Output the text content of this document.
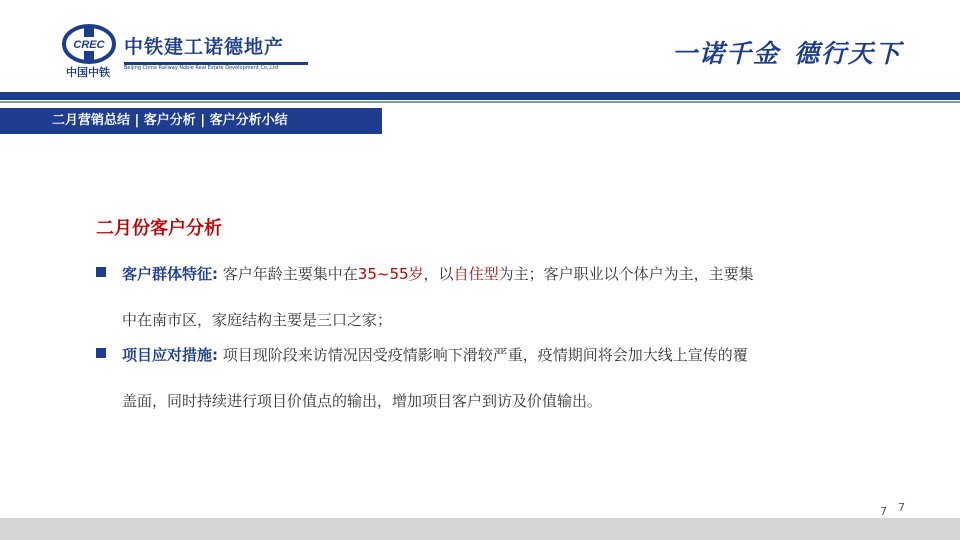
CREC
中国中铁
中铁建工诺德地产
Beijing China Railway Noble Real Estate Development Co.,Ltd	一诺千金 德行天下
二月营销总结 | 客户分析 | 客户分析小结
二月份客户分析
客户群体特征: 客户年龄主要集中在35~55岁，以自住型为主；客户职业以个体户为主，主要集
中在南市区，家庭结构主要是三口之家；
项目应对措施: 项目现阶段来访情况因受疫情影响下滑较严重，疫情期间将会加大线上宣传的覆
盖面，同时持续进行项目价值点的输出，增加项目客户到访及价值输出。
7 7
